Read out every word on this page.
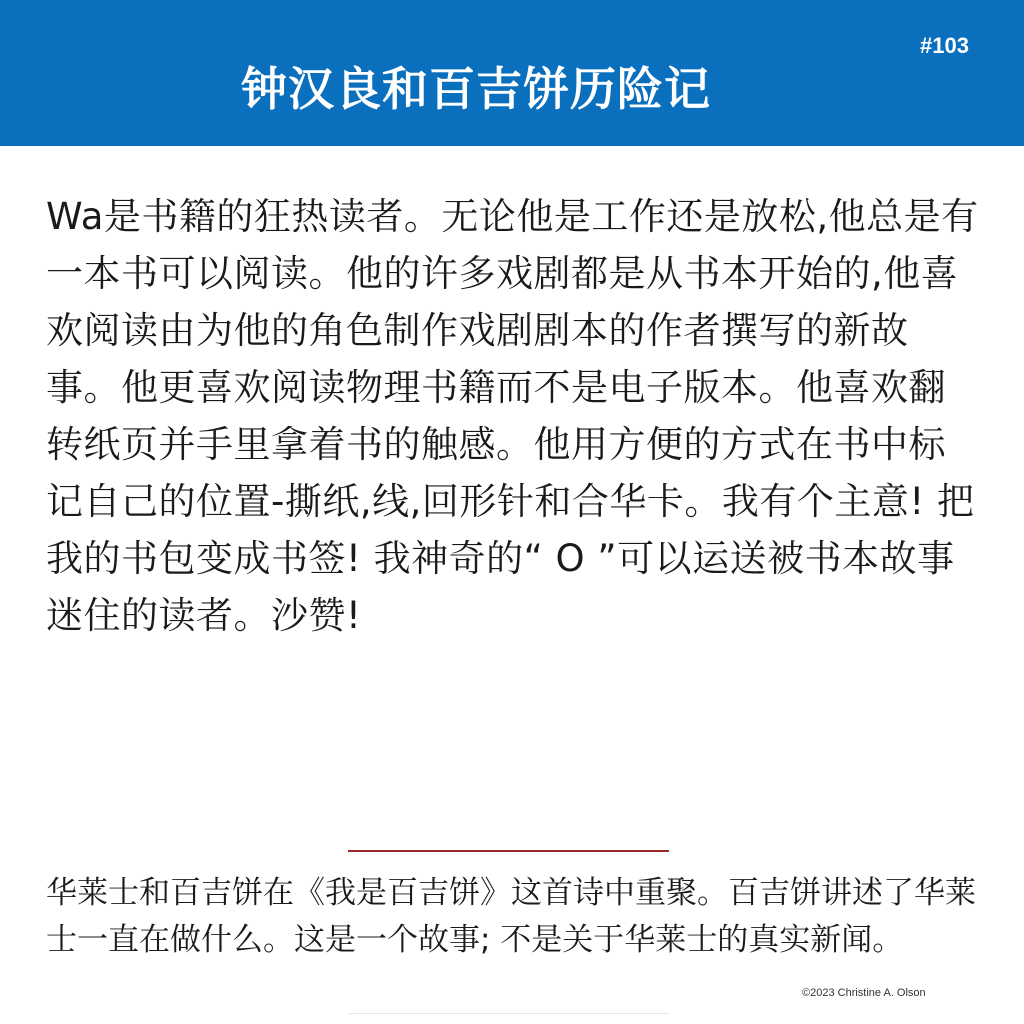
钟汉良和百吉饼历险记
#103
Wa是书籍的狂热读者。无论他是工作还是放松,他总是有一本书可以阅读。他的许多戏剧都是从书本开始的,他喜欢阅读由为他的角色制作戏剧剧本的作者撰写的新故事。他更喜欢阅读物理书籍而不是电子版本。他喜欢翻转纸页并手里拿着书的触感。他用方便的方式在书中标记自己的位置-撕纸,线,回形针和合华卡。我有个主意! 把我的书包变成书签! 我神奇的“ O ”可以运送被书本故事迷住的读者。沙赞!
华莱士和百吉饼在《我是百吉饼》这首诗中重聚。百吉饼讲述了华莱士一直在做什么。这是一个故事; 不是关于华莱士的真实新闻。
©2023 Christine A. Olson
